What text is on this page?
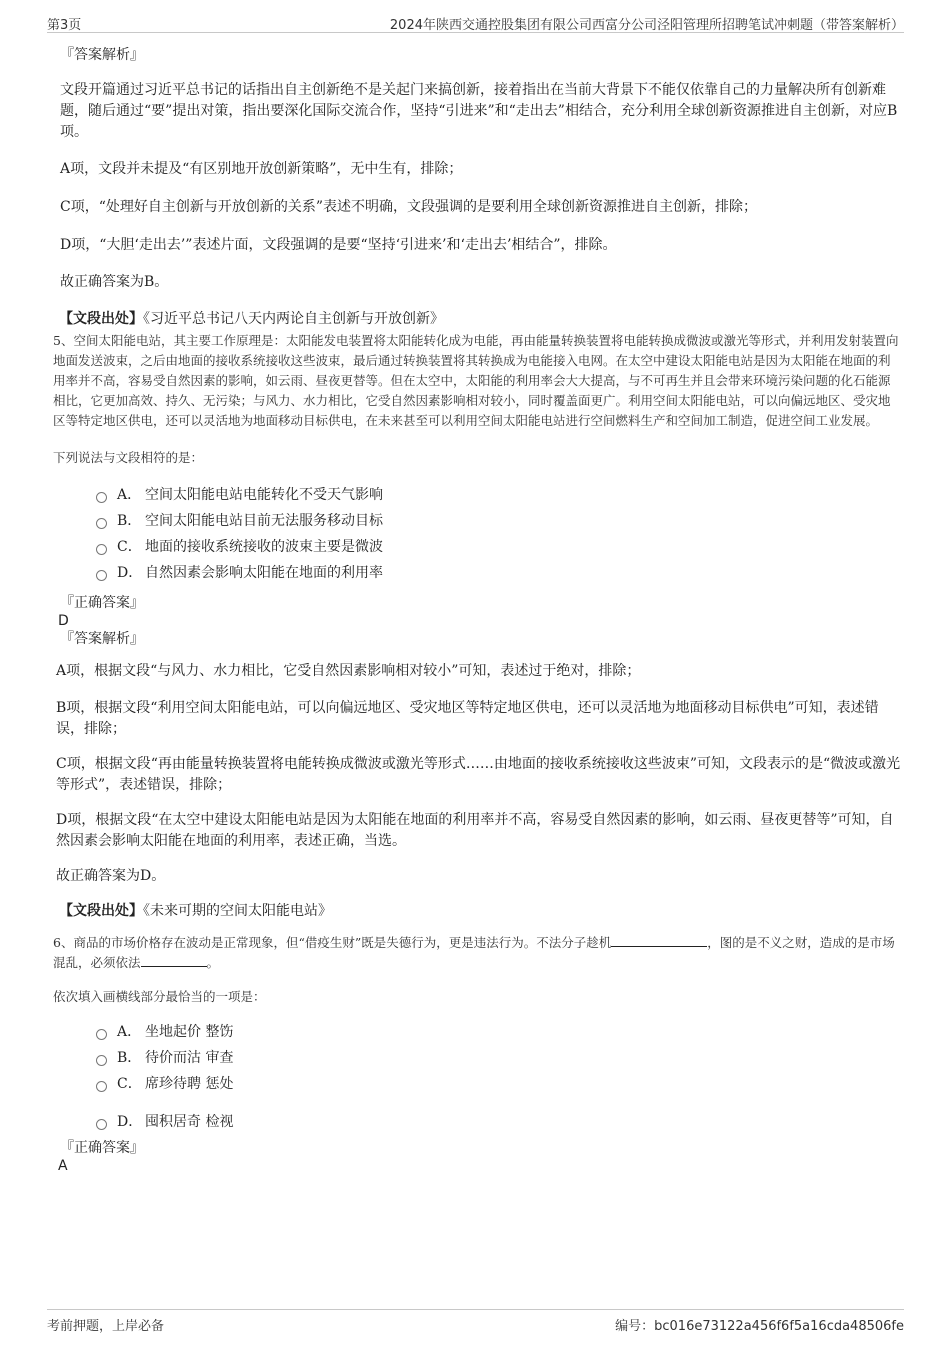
第3页	2024年陕西交通控股集团有限公司西富分公司泾阳管理所招聘笔试冲刺题（带答案解析）

『答案解析』

文段开篇通过习近平总书记的话指出自主创新绝不是关起门来搞创新，接着指出在当前大背景下不能仅依靠自己的力量解决所有创新难题，随后通过“要”提出对策，指出要深化国际交流合作，坚持“引进来”和“走出去”相结合，充分利用全球创新资源推进自主创新，对应B项。

A项，文段并未提及“有区别地开放创新策略”，无中生有，排除；

C项，“处理好自主创新与开放创新的关系”表述不明确，文段强调的是要利用全球创新资源推进自主创新，排除；

D项，“大胆‘走出去’”表述片面，文段强调的是要“坚持‘引进来’和‘走出去’相结合”，排除。

故正确答案为B。

【文段出处】《习近平总书记八天内两论自主创新与开放创新》

5、空间太阳能电站，其主要工作原理是：太阳能发电装置将太阳能转化成为电能，再由能量转换装置将电能转换成微波或激光等形式，并利用发射装置向地面发送波束，之后由地面的接收系统接收这些波束，最后通过转换装置将其转换成为电能接入电网。在太空中建设太阳能电站是因为太阳能在地面的利用率并不高，容易受自然因素的影响，如云雨、昼夜更替等。但在太空中，太阳能的利用率会大大提高，与不可再生并且会带来环境污染问题的化石能源相比，它更加高效、持久、无污染；与风力、水力相比，它受自然因素影响相对较小，同时覆盖面更广。利用空间太阳能电站，可以向偏远地区、受灾地区等特定地区供电，还可以灵活地为地面移动目标供电，在未来甚至可以利用空间太阳能电站进行空间燃料生产和空间加工制造，促进空间工业发展。

下列说法与文段相符的是：

A． 空间太阳能电站电能转化不受天气影响
B． 空间太阳能电站目前无法服务移动目标
C． 地面的接收系统接收的波束主要是微波
D． 自然因素会影响太阳能在地面的利用率

『正确答案』

D

『答案解析』

A项，根据文段“与风力、水力相比，它受自然因素影响相对较小”可知，表述过于绝对，排除；

B项，根据文段“利用空间太阳能电站，可以向偏远地区、受灾地区等特定地区供电，还可以灵活地为地面移动目标供电”可知，表述错误，排除；

C项，根据文段“再由能量转换装置将电能转换成微波或激光等形式……由地面的接收系统接收这些波束”可知，文段表示的是“微波或激光等形式”，表述错误，排除；

D项，根据文段“在太空中建设太阳能电站是因为太阳能在地面的利用率并不高，容易受自然因素的影响，如云雨、昼夜更替等”可知，自然因素会影响太阳能在地面的利用率，表述正确，当选。

故正确答案为D。

【文段出处】《未来可期的空间太阳能电站》

6、商品的市场价格存在波动是正常现象，但“借疫生财”既是失德行为，更是违法行为。不法分子趁机	，图的是不义之财，造成的是市场混乱，必须依法	。

依次填入画横线部分最恰当的一项是：

A． 坐地起价 整饬
B． 待价而沽 审查
C． 席珍待聘 惩处
D． 囤积居奇 检视

『正确答案』

A

考前押题，上岸必备	编号：bc016e73122a456f6f5a16cda48506fe
